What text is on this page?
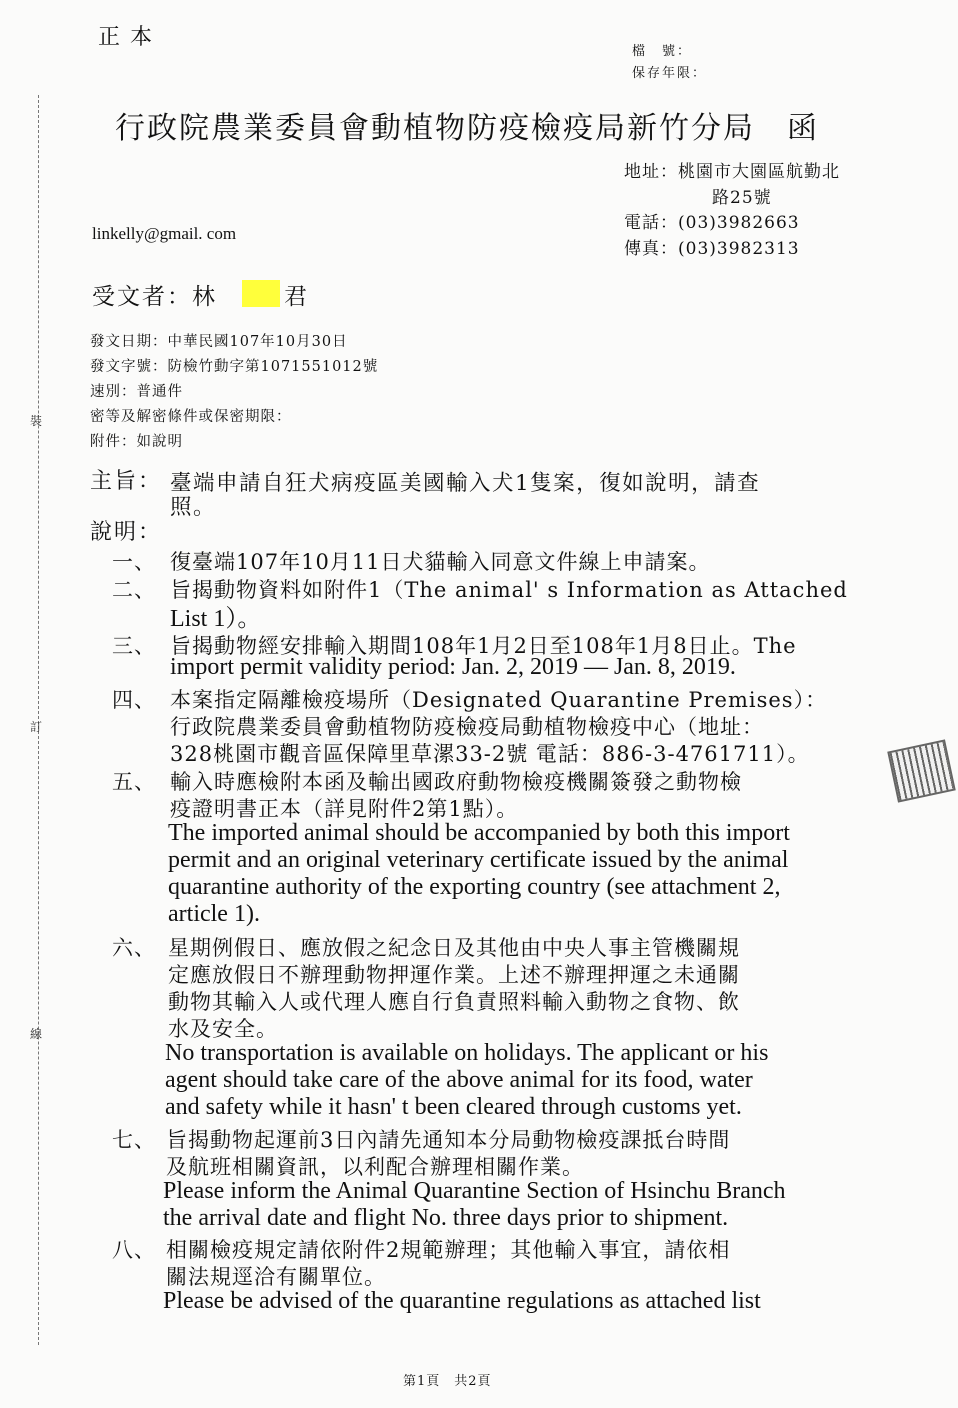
裝
訂
線
正本
檔　號：
保存年限：
行政院農業委員會動植物防疫檢疫局新竹分局　函
地址：桃園市大園區航勤北
路25號
電話：(03)3982663
傳真：(03)3982313
linkelly@gmail. com
受文者：林	君
發文日期：中華民國107年10月30日
發文字號：防檢竹動字第1071551012號
速別：普通件
密等及解密條件或保密期限：
附件：如說明
主旨： 臺端申請自狂犬病疫區美國輸入犬1隻案，復如說明，請查
照。
說明：
一、 復臺端107年10月11日犬貓輸入同意文件線上申請案。
二、 旨揭動物資料如附件1（The animal' s Information as Attached
List 1）。
三、 旨揭動物經安排輸入期間108年1月2日至108年1月8日止。The
import permit validity period: Jan. 2, 2019 — Jan. 8, 2019.
四、 本案指定隔離檢疫場所（Designated Quarantine Premises）：
行政院農業委員會動植物防疫檢疫局動植物檢疫中心（地址：
328桃園市觀音區保障里草漯33-2號 電話：886-3-4761711）。
五、 輸入時應檢附本函及輸出國政府動物檢疫機關簽發之動物檢
疫證明書正本（詳見附件2第1點）。
The imported animal should be accompanied by both this import
permit and an original veterinary certificate issued by the animal
quarantine authority of the exporting country (see attachment 2,
article 1).
六、 星期例假日、應放假之紀念日及其他由中央人事主管機關規
定應放假日不辦理動物押運作業。上述不辦理押運之未通關
動物其輸入人或代理人應自行負責照料輸入動物之食物、飲
水及安全。
No transportation is available on holidays. The applicant or his
agent should take care of the above animal for its food, water
and safety while it hasn' t been cleared through customs yet.
七、 旨揭動物起運前3日內請先通知本分局動物檢疫課抵台時間
及航班相關資訊，以利配合辦理相關作業。
Please inform the Animal Quarantine Section of Hsinchu Branch
the arrival date and flight No. three days prior to shipment.
八、 相關檢疫規定請依附件2規範辦理；其他輸入事宜，請依相
關法規逕洽有關單位。
Please be advised of the quarantine regulations as attached list
第1頁　共2頁
